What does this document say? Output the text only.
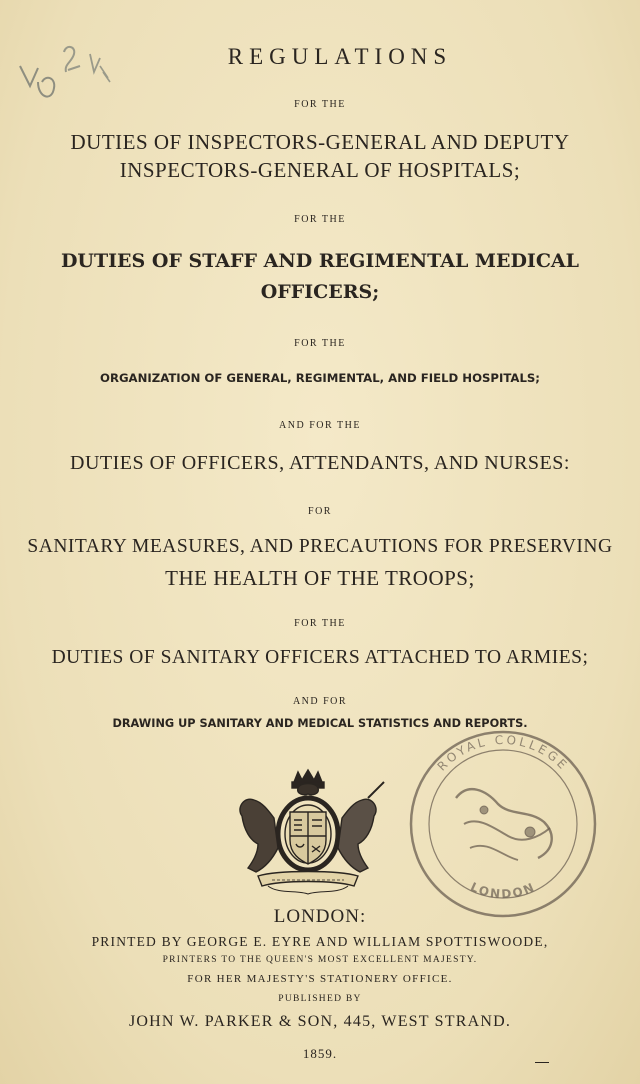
REGULATIONS
FOR THE
DUTIES OF INSPECTORS-GENERAL AND DEPUTY
INSPECTORS-GENERAL OF HOSPITALS;
FOR THE
DUTIES OF STAFF AND REGIMENTAL MEDICAL
OFFICERS;
FOR THE
ORGANIZATION OF GENERAL, REGIMENTAL, AND FIELD HOSPITALS;
AND FOR THE
DUTIES OF OFFICERS, ATTENDANTS, AND NURSES:
FOR
SANITARY MEASURES, AND PRECAUTIONS FOR PRESERVING
THE HEALTH OF THE TROOPS;
FOR THE
DUTIES OF SANITARY OFFICERS ATTACHED TO ARMIES;
AND FOR
DRAWING UP SANITARY AND MEDICAL STATISTICS AND REPORTS.
ROYAL COLLEGE
LONDON
LONDON:
PRINTED BY GEORGE E. EYRE AND WILLIAM SPOTTISWOODE,
PRINTERS TO THE QUEEN'S MOST EXCELLENT MAJESTY.
FOR HER MAJESTY'S STATIONERY OFFICE.
PUBLISHED BY
JOHN W. PARKER & SON, 445, WEST STRAND.
1859.
